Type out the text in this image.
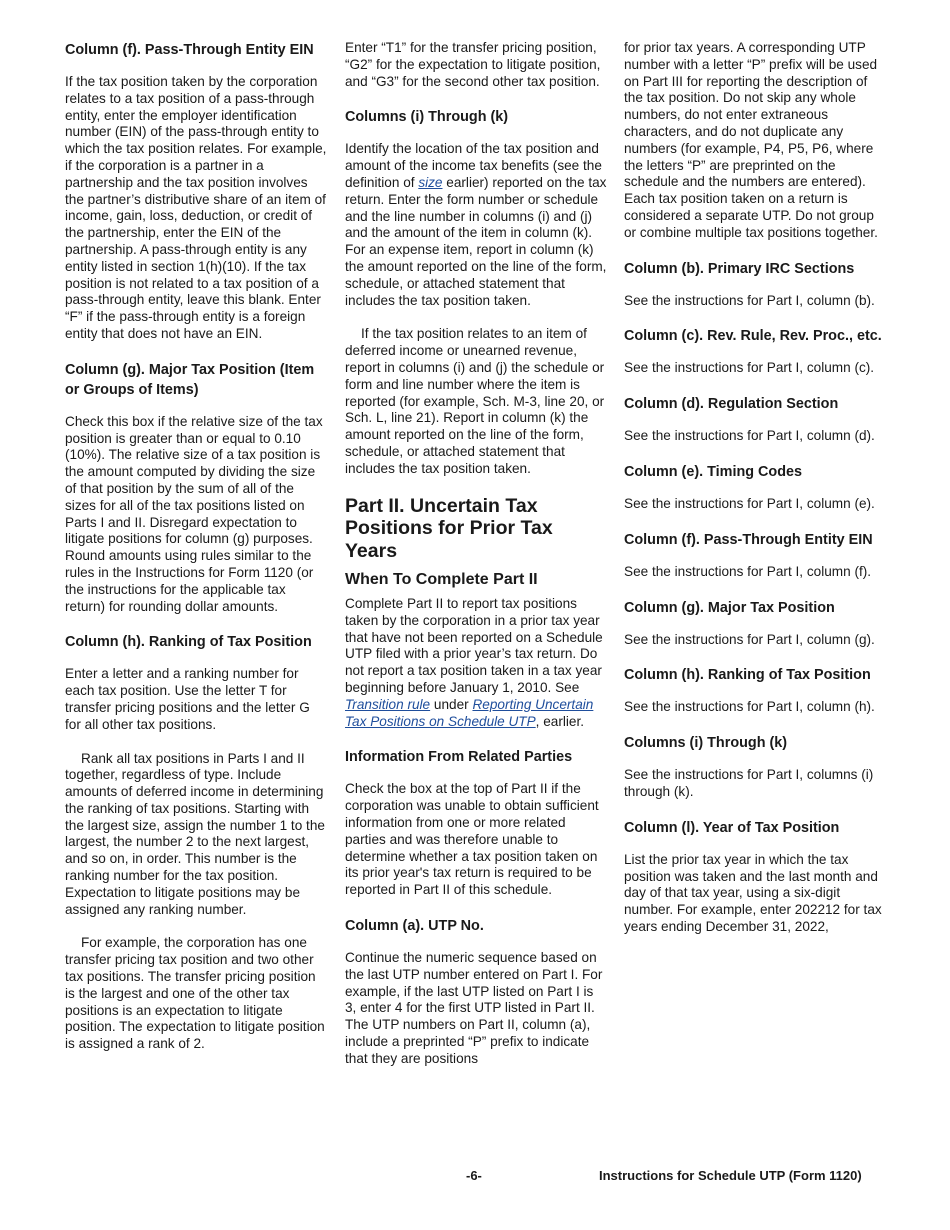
Column (f). Pass-Through Entity EIN

If the tax position taken by the corporation relates to a tax position of a pass-through entity, enter the employer identification number (EIN) of the pass-through entity to which the tax position relates. For example, if the corporation is a partner in a partnership and the tax position involves the partner’s distributive share of an item of income, gain, loss, deduction, or credit of the partnership, enter the EIN of the partnership. A pass-through entity is any entity listed in section 1(h)(10). If the tax position is not related to a tax position of a pass-through entity, leave this blank. Enter “F” if the pass-through entity is a foreign entity that does not have an EIN.

Column (g). Major Tax Position (Item or Groups of Items)

Check this box if the relative size of the tax position is greater than or equal to 0.10 (10%). The relative size of a tax position is the amount computed by dividing the size of that position by the sum of all of the sizes for all of the tax positions listed on Parts I and II. Disregard expectation to litigate positions for column (g) purposes. Round amounts using rules similar to the rules in the Instructions for Form 1120 (or the instructions for the applicable tax return) for rounding dollar amounts.

Column (h). Ranking of Tax Position

Enter a letter and a ranking number for each tax position. Use the letter T for transfer pricing positions and the letter G for all other tax positions.

Rank all tax positions in Parts I and II together, regardless of type. Include amounts of deferred income in determining the ranking of tax positions. Starting with the largest size, assign the number 1 to the largest, the number 2 to the next largest, and so on, in order. This number is the ranking number for the tax position. Expectation to litigate positions may be assigned any ranking number.

For example, the corporation has one transfer pricing tax position and two other tax positions. The transfer pricing position is the largest and one of the other tax positions is an expectation to litigate position. The expectation to litigate position is assigned a rank of 2.

Enter “T1” for the transfer pricing position, “G2” for the expectation to litigate position, and “G3” for the second other tax position.

Columns (i) Through (k)

Identify the location of the tax position and amount of the income tax benefits (see the definition of size earlier) reported on the tax return. Enter the form number or schedule and the line number in columns (i) and (j) and the amount of the item in column (k). For an expense item, report in column (k) the amount reported on the line of the form, schedule, or attached statement that includes the tax position taken.

If the tax position relates to an item of deferred income or unearned revenue, report in columns (i) and (j) the schedule or form and line number where the item is reported (for example, Sch. M-3, line 20, or Sch. L, line 21). Report in column (k) the amount reported on the line of the form, schedule, or attached statement that includes the tax position taken.

Part II. Uncertain Tax Positions for Prior Tax Years
When To Complete Part II

Complete Part II to report tax positions taken by the corporation in a prior tax year that have not been reported on a Schedule UTP filed with a prior year’s tax return. Do not report a tax position taken in a tax year beginning before January 1, 2010. See Transition rule under Reporting Uncertain Tax Positions on Schedule UTP, earlier.

Information From Related Parties

Check the box at the top of Part II if the corporation was unable to obtain sufficient information from one or more related parties and was therefore unable to determine whether a tax position taken on its prior year's tax return is required to be reported in Part II of this schedule.

Column (a). UTP No.

Continue the numeric sequence based on the last UTP number entered on Part I. For example, if the last UTP listed on Part I is 3, enter 4 for the first UTP listed in Part II. The UTP numbers on Part II, column (a), include a preprinted “P” prefix to indicate that they are positions

for prior tax years. A corresponding UTP number with a letter “P” prefix will be used on Part III for reporting the description of the tax position. Do not skip any whole numbers, do not enter extraneous characters, and do not duplicate any numbers (for example, P4, P5, P6, where the letters “P” are preprinted on the schedule and the numbers are entered). Each tax position taken on a return is considered a separate UTP. Do not group or combine multiple tax positions together.

Column (b). Primary IRC Sections

See the instructions for Part I, column (b).

Column (c). Rev. Rule, Rev. Proc., etc.

See the instructions for Part I, column (c).

Column (d). Regulation Section

See the instructions for Part I, column (d).

Column (e). Timing Codes

See the instructions for Part I, column (e).

Column (f). Pass-Through Entity EIN

See the instructions for Part I, column (f).

Column (g). Major Tax Position

See the instructions for Part I, column (g).

Column (h). Ranking of Tax Position

See the instructions for Part I, column (h).

Columns (i) Through (k)

See the instructions for Part I, columns (i) through (k).

Column (l). Year of Tax Position

List the prior tax year in which the tax position was taken and the last month and day of that tax year, using a six-digit number. For example, enter 202212 for tax years ending December 31, 2022,

-6-	Instructions for Schedule UTP (Form 1120)
